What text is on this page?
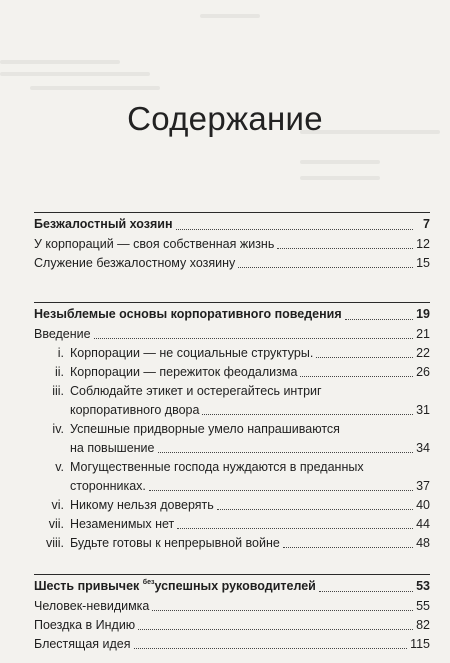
Содержание
Безжалостный хозяин	7
У корпораций — своя собственная жизнь	12
Служение безжалостному хозяину	15
Незыблемые основы корпоративного поведения	19
Введение	21
i. Корпорации — не социальные структуры.	22
ii. Корпорации — пережиток феодализма	26
iii. Соблюдайте этикет и остерегайтесь интриг
корпоративного двора	31
iv. Успешные придворные умело напрашиваются
на повышение	34
v. Могущественные господа нуждаются в преданных
сторонниках.	37
vi. Никому нельзя доверять	40
vii. Незаменимых нет	44
viii. Будьте готовы к непрерывной войне	48
Шесть привычек $^{без}$успешных руководителей	53
Человек-невидимка	55
Поездка в Индию	82
Блестящая идея	115
